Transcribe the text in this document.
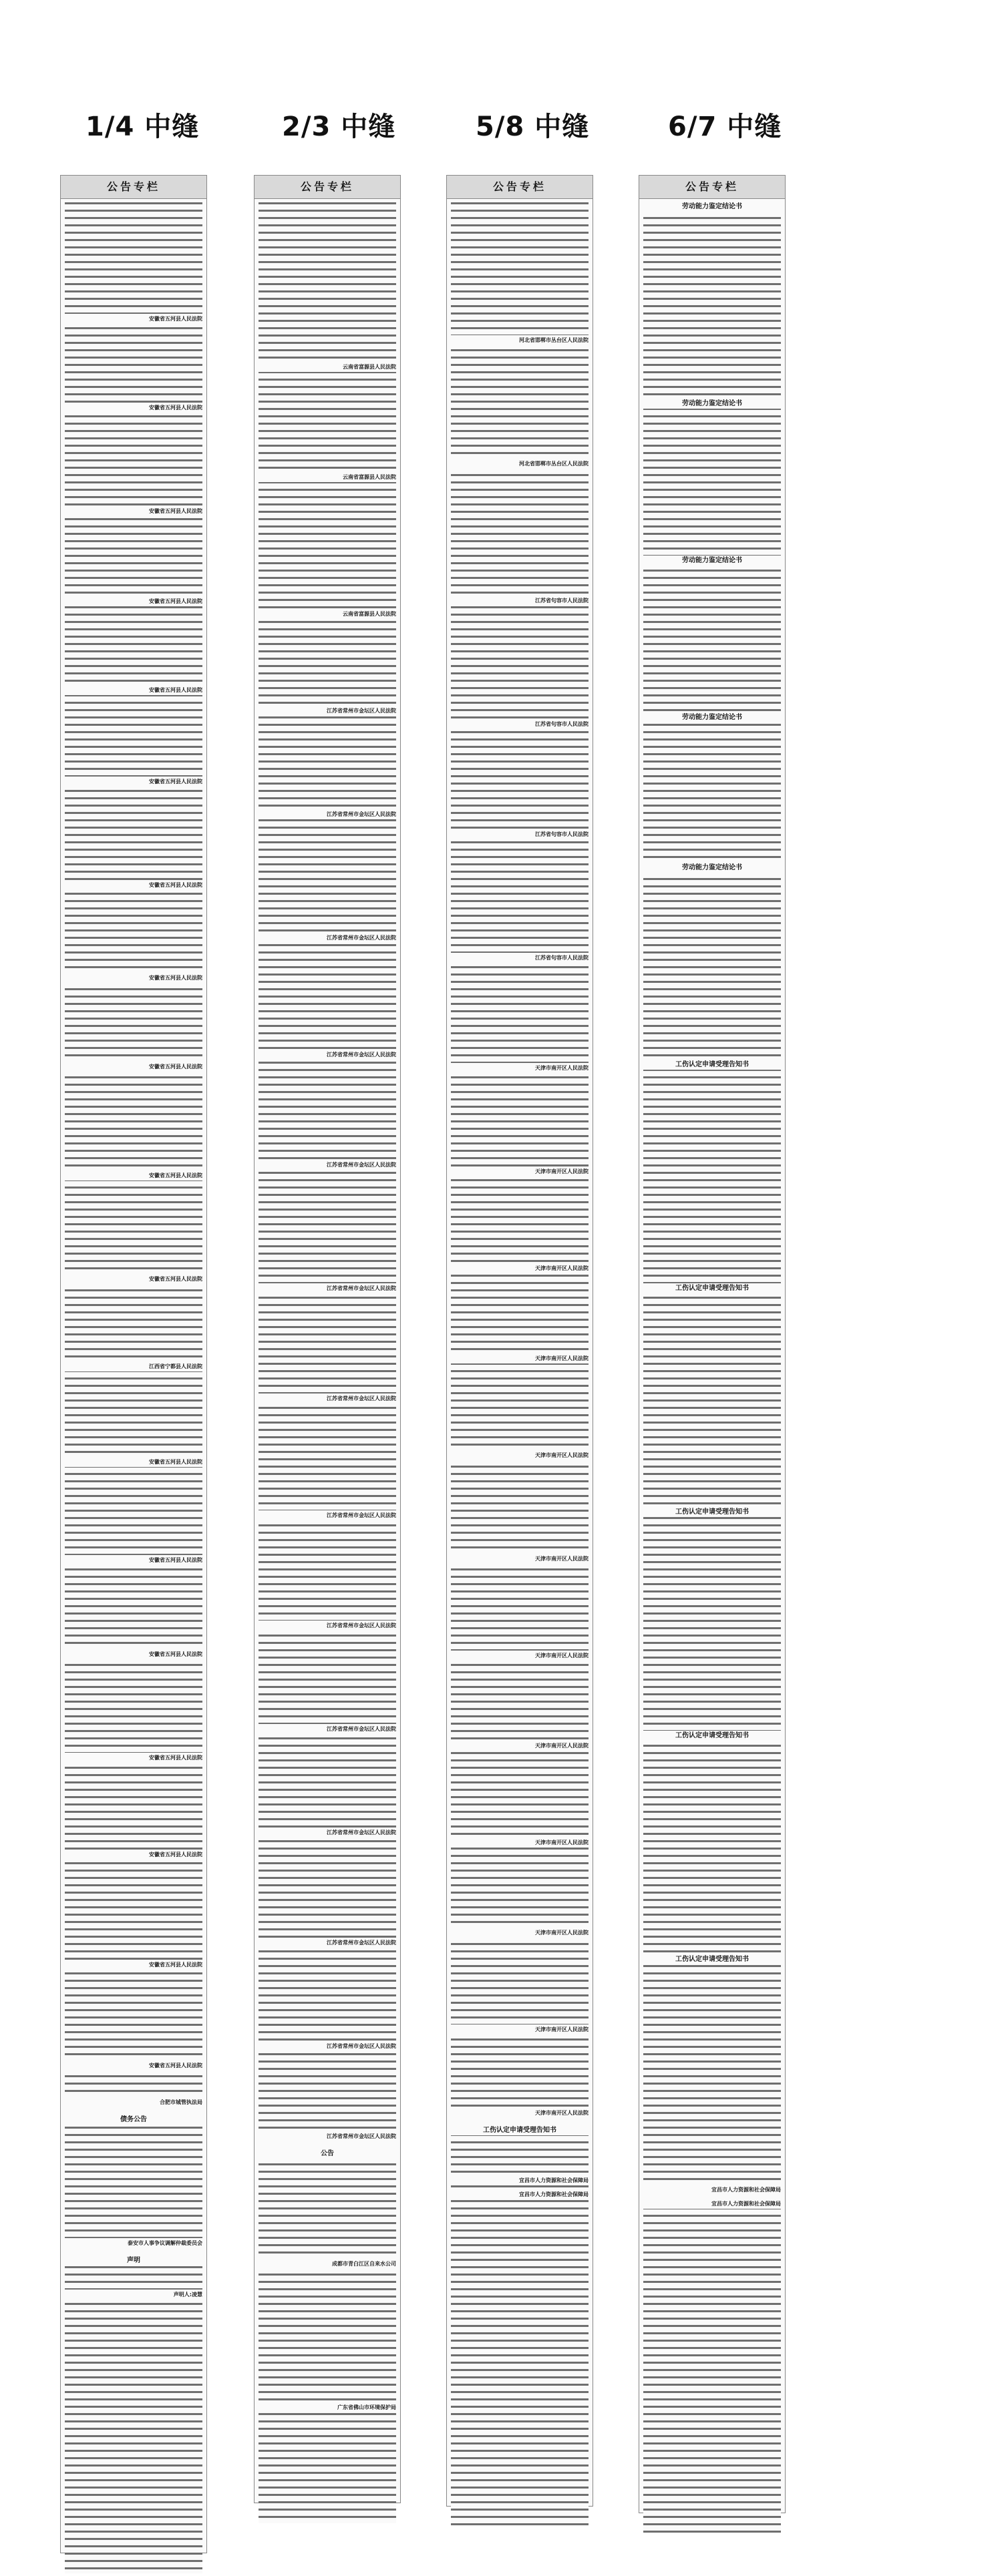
1/4 中缝
公告专栏
安徽省五河县人民法院
安徽省五河县人民法院
安徽省五河县人民法院
安徽省五河县人民法院
安徽省五河县人民法院
安徽省五河县人民法院
安徽省五河县人民法院
安徽省五河县人民法院
安徽省五河县人民法院
安徽省五河县人民法院
安徽省五河县人民法院
江西省宁都县人民法院
安徽省五河县人民法院
安徽省五河县人民法院
安徽省五河县人民法院
安徽省五河县人民法院
安徽省五河县人民法院
安徽省五河县人民法院
安徽省五河县人民法院
合肥市城管执法局
债务公告
泰安市人事争议调解仲裁委员会
声明
声明人:凌慧
2/3 中缝
公告专栏
云南省富源县人民法院
云南省富源县人民法院
云南省富源县人民法院
江苏省常州市金坛区人民法院
江苏省常州市金坛区人民法院
江苏省常州市金坛区人民法院
江苏省常州市金坛区人民法院
江苏省常州市金坛区人民法院
江苏省常州市金坛区人民法院
江苏省常州市金坛区人民法院
江苏省常州市金坛区人民法院
江苏省常州市金坛区人民法院
江苏省常州市金坛区人民法院
江苏省常州市金坛区人民法院
江苏省常州市金坛区人民法院
江苏省常州市金坛区人民法院
江苏省常州市金坛区人民法院
公告
成都市青白江区自来水公司
广东省佛山市环境保护局
5/8 中缝
公告专栏
河北省邯郸市丛台区人民法院
河北省邯郸市丛台区人民法院
江苏省句容市人民法院
江苏省句容市人民法院
江苏省句容市人民法院
江苏省句容市人民法院
天津市南开区人民法院
天津市南开区人民法院
天津市南开区人民法院
天津市南开区人民法院
天津市南开区人民法院
天津市南开区人民法院
天津市南开区人民法院
天津市南开区人民法院
天津市南开区人民法院
天津市南开区人民法院
天津市南开区人民法院
天津市南开区人民法院
工伤认定申请受理告知书
宜昌市人力资源和社会保障局
宜昌市人力资源和社会保障局
6/7 中缝
公告专栏
劳动能力鉴定结论书
劳动能力鉴定结论书
劳动能力鉴定结论书
劳动能力鉴定结论书
劳动能力鉴定结论书
工伤认定申请受理告知书
工伤认定申请受理告知书
工伤认定申请受理告知书
工伤认定申请受理告知书
工伤认定申请受理告知书
宜昌市人力资源和社会保障局
宜昌市人力资源和社会保障局
